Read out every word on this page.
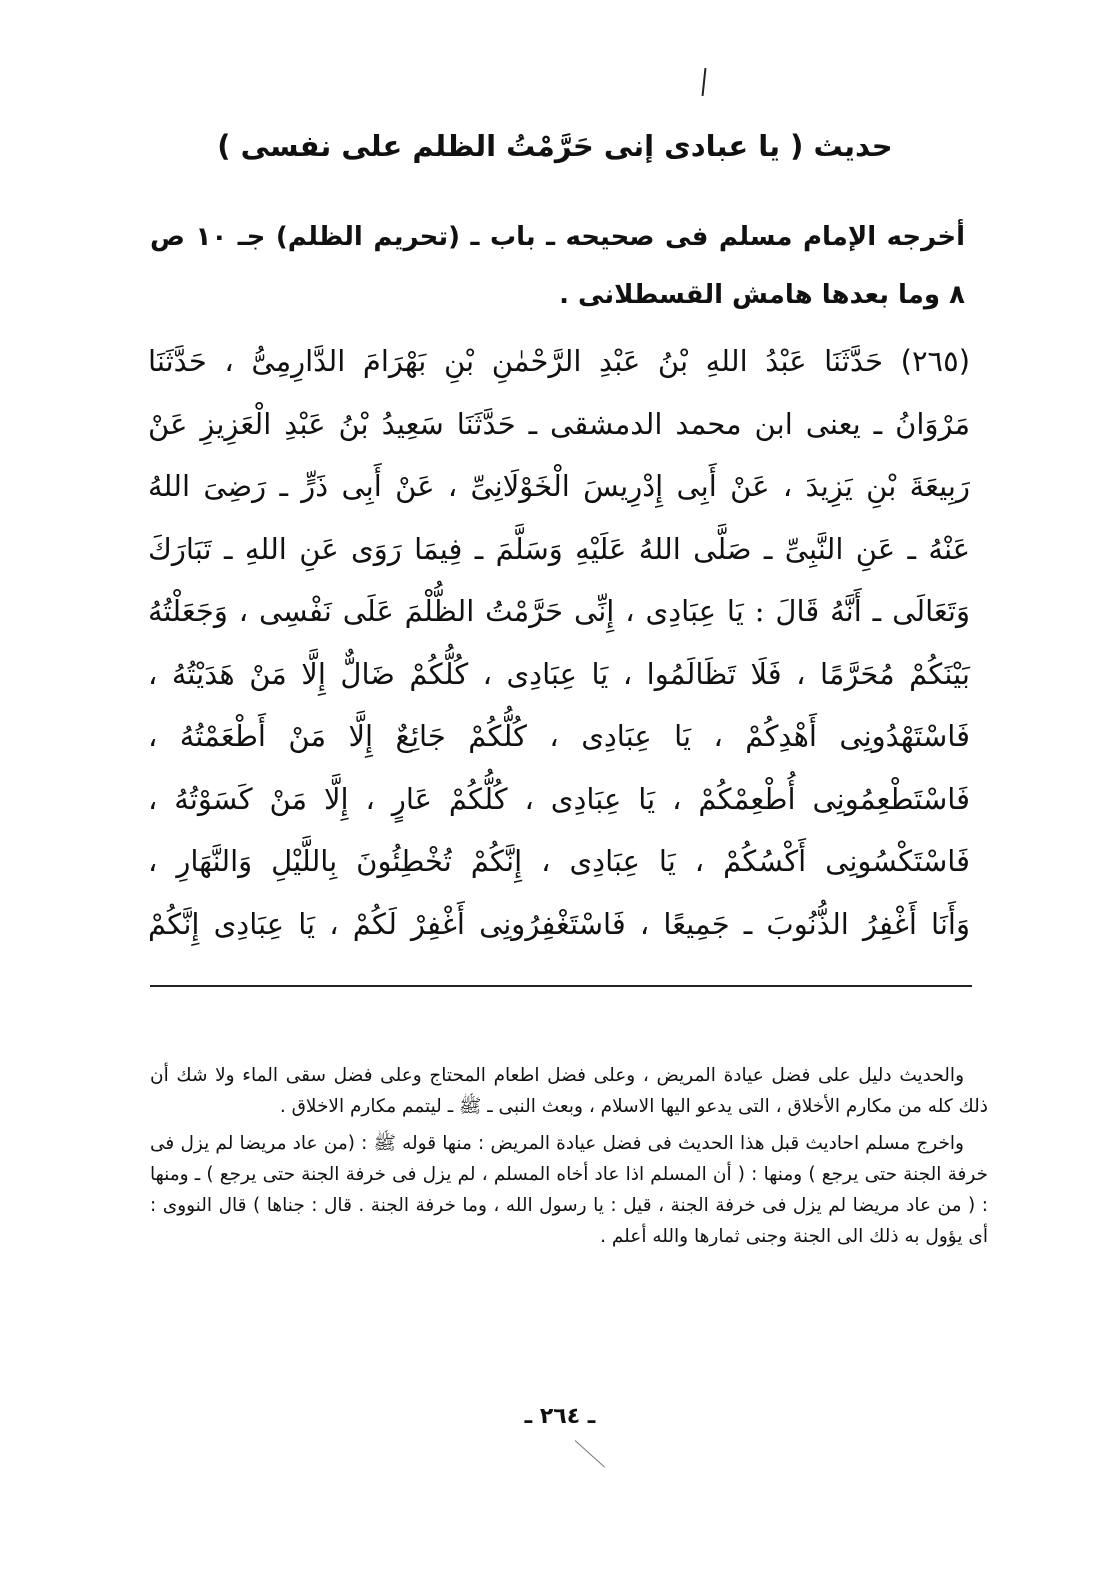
حديث ( يا عبادى إنى حَرَّمْتُ الظلم على نفسى )

أخرجه الإمام مسلم فى صحيحه ـ باب ـ (تحريم الظلم) جـ ١٠ ص ٨ وما بعدها هامش القسطلانى .

(٢٦٥) حَدَّثَنَا عَبْدُ اللهِ بْنُ عَبْدِ الرَّحْمٰنِ بْنِ بَهْرَامَ الدَّارِمِىُّ ، حَدَّثَنَا
مَرْوَانُ ـ يعنى ابن محمد الدمشقى ـ حَدَّثَنَا سَعِيدُ بْنُ عَبْدِ الْعَزِيزِ عَنْ
رَبِيعَةَ بْنِ يَزِيدَ ، عَنْ أَبِى إِدْرِيسَ الْخَوْلَانِىِّ ، عَنْ أَبِى ذَرٍّ ـ رَضِىَ اللهُ
عَنْهُ ـ عَنِ النَّبِىِّ ـ صَلَّى اللهُ عَلَيْهِ وَسَلَّمَ ـ فِيمَا رَوَى عَنِ اللهِ ـ تَبَارَكَ
وَتَعَالَى ـ أَنَّهُ قَالَ : يَا عِبَادِى ، إِنِّى حَرَّمْتُ الظُّلْمَ عَلَى نَفْسِى ، وَجَعَلْتُهُ
بَيْنَكُمْ مُحَرَّمًا ، فَلَا تَظَالَمُوا ، يَا عِبَادِى ، كُلُّكُمْ ضَالٌّ إِلَّا مَنْ هَدَيْتُهُ ،
فَاسْتَهْدُونِى أَهْدِكُمْ ، يَا عِبَادِى ، كُلُّكُمْ جَائِعٌ إِلَّا مَنْ أَطْعَمْتُهُ ،
فَاسْتَطْعِمُونِى أُطْعِمْكُمْ ، يَا عِبَادِى ، كُلُّكُمْ عَارٍ ، إِلَّا مَنْ كَسَوْتُهُ ،
فَاسْتَكْسُونِى أَكْسُكُمْ ، يَا عِبَادِى ، إِنَّكُمْ تُخْطِئُونَ بِاللَّيْلِ وَالنَّهَارِ ،
وَأَنَا أَغْفِرُ الذُّنُوبَ ـ جَمِيعًا ، فَاسْتَغْفِرُونِى أَغْفِرْ لَكُمْ ، يَا عِبَادِى إِنَّكُمْ

والحديث دليل على فضل عيادة المريض ، وعلى فضل اطعام المحتاج وعلى فضل سقى الماء ولا شك أن ذلك كله من مكارم الأخلاق ، التى يدعو اليها الاسلام ، وبعث النبى ـ ﷺ ـ ليتمم مكارم الاخلاق .

واخرج مسلم احاديث قبل هذا الحديث فى فضل عيادة المريض : منها قوله ﷺ : (من عاد مريضا لم يزل فى خرفة الجنة حتى يرجع ) ومنها : ( أن المسلم اذا عاد أخاه المسلم ، لم يزل فى خرفة الجنة حتى يرجع ) ـ ومنها : ( من عاد مريضا لم يزل فى خرفة الجنة ، قيل : يا رسول الله ، وما خرفة الجنة . قال : جناها ) قال النووى : أى يؤول به ذلك الى الجنة وجنى ثمارها والله أعلم .

ـ ٢٦٤ ـ
